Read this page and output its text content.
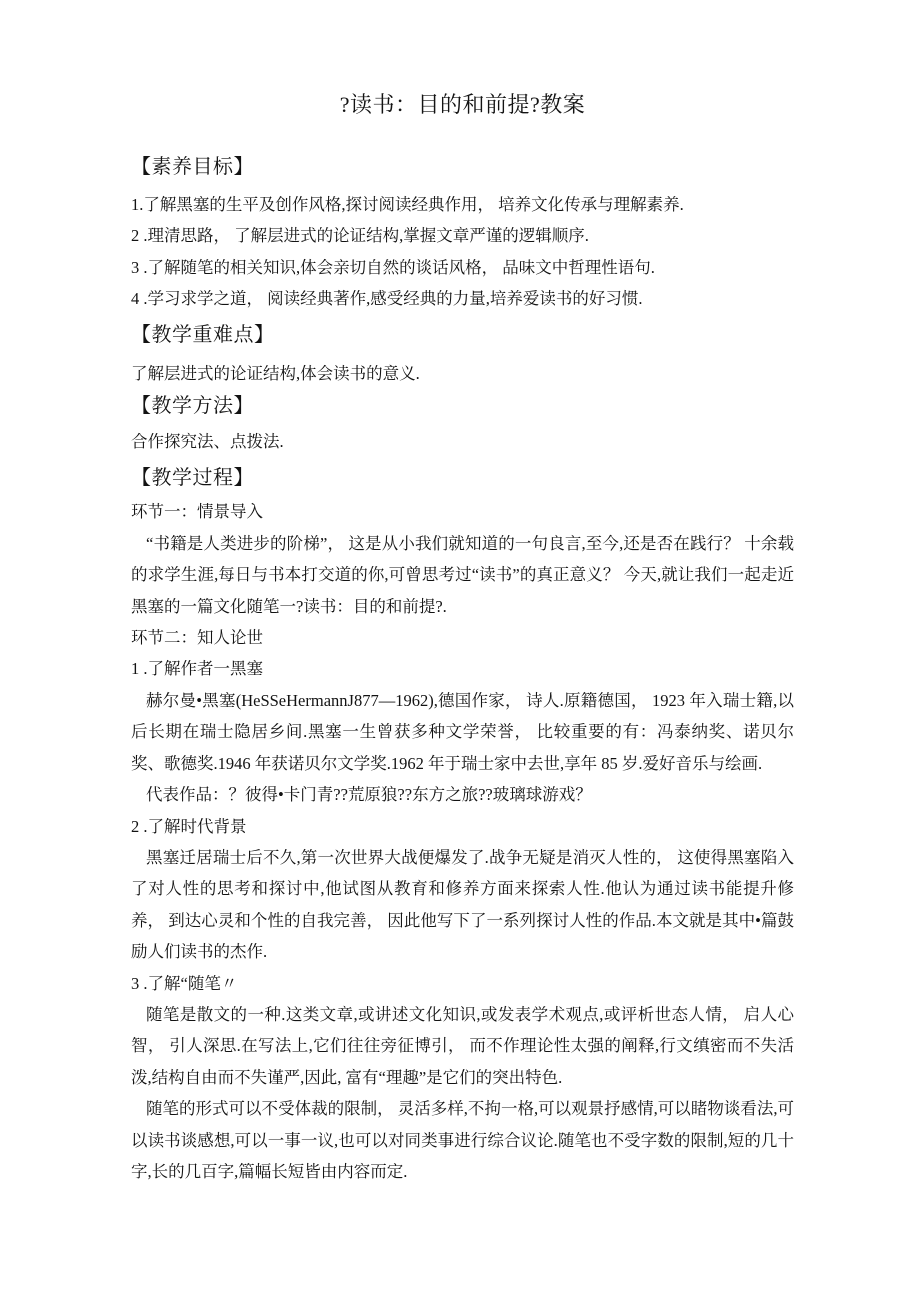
?读书：目的和前提?教案
【素养目标】
1.了解黑塞的生平及创作风格,探讨阅读经典作用， 培养文化传承与理解素养.
2 .理清思路， 了解层进式的论证结构,掌握文章严谨的逻辑顺序.
3 .了解随笔的相关知识,体会亲切自然的谈话风格， 品味文中哲理性语句.
4 .学习求学之道， 阅读经典著作,感受经典的力量,培养爱读书的好习惯.
【教学重难点】
了解层进式的论证结构,体会读书的意义.
【教学方法】
合作探究法、点拨法.
【教学过程】
环节一：情景导入
“书籍是人类进步的阶梯”， 这是从小我们就知道的一句良言,至今,还是否在践行？ 十余载的求学生涯,每日与书本打交道的你,可曾思考过“读书”的真正意义？ 今天,就让我们一起走近黑塞的一篇文化随笔一?读书：目的和前提?.
环节二：知人论世
1 .了解作者一黑塞
赫尔曼•黑塞(HeSSeHermannJ877—1962),德国作家， 诗人.原籍德国， 1923 年入瑞士籍,以后长期在瑞士隐居乡间.黑塞一生曾获多种文学荣誉， 比较重要的有：冯泰纳奖、诺贝尔奖、歌德奖.1946 年获诺贝尔文学奖.1962 年于瑞士家中去世,享年 85 岁.爱好音乐与绘画.
代表作品：？彼得•卡门青??荒原狼??东方之旅??玻璃球游戏？
2 .了解时代背景
黑塞迁居瑞士后不久,第一次世界大战便爆发了.战争无疑是消灭人性的， 这使得黑塞陷入了对人性的思考和探讨中,他试图从教育和修养方面来探索人性.他认为通过读书能提升修养， 到达心灵和个性的自我完善， 因此他写下了一系列探讨人性的作品.本文就是其中•篇鼓励人们读书的杰作.
3 .了解“随笔〃
随笔是散文的一种.这类文章,或讲述文化知识,或发表学术观点,或评析世态人情， 启人心智， 引人深思.在写法上,它们往往旁征博引， 而不作理论性太强的阐释,行文缜密而不失活泼,结构自由而不失谨严,因此, 富有“理趣”是它们的突出特色.
随笔的形式可以不受体裁的限制， 灵活多样,不拘一格,可以观景抒感情,可以睹物谈看法,可以读书谈感想,可以一事一议,也可以对同类事进行综合议论.随笔也不受字数的限制,短的几十字,长的几百字,篇幅长短皆由内容而定.
